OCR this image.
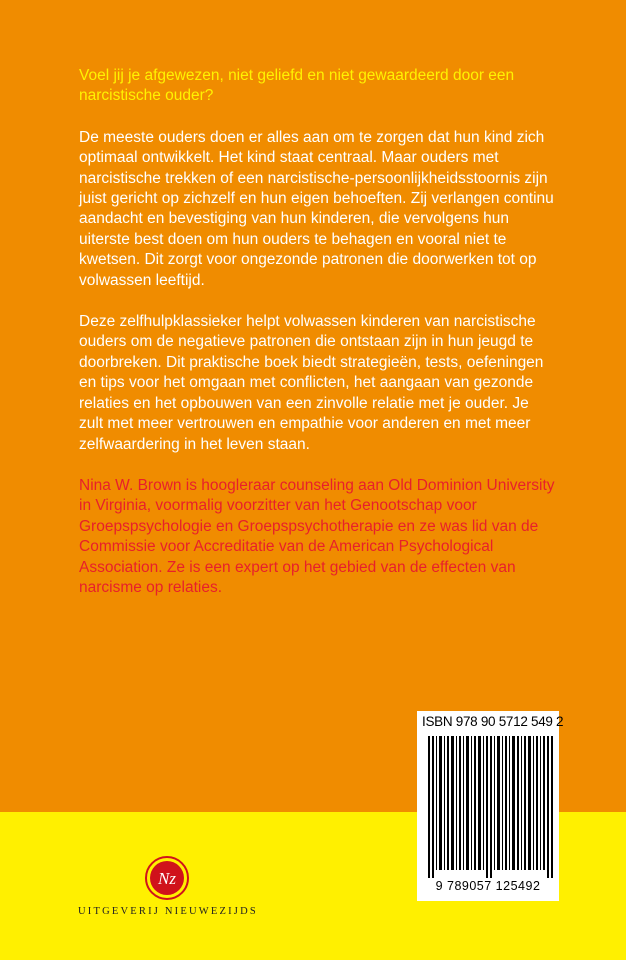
Voel jij je afgewezen, niet geliefd en niet gewaardeerd door een narcistische ouder?

De meeste ouders doen er alles aan om te zorgen dat hun kind zich optimaal ontwikkelt. Het kind staat centraal. Maar ouders met narcistische trekken of een narcistische-persoonlijkheidsstoornis zijn juist gericht op zichzelf en hun eigen behoeften. Zij verlangen continu aandacht en bevestiging van hun kinderen, die vervolgens hun uiterste best doen om hun ouders te behagen en vooral niet te kwetsen. Dit zorgt voor ongezonde patronen die doorwerken tot op volwassen leeftijd.

Deze zelfhulpklassieker helpt volwassen kinderen van narcistische ouders om de negatieve patronen die ontstaan zijn in hun jeugd te doorbreken. Dit praktische boek biedt strategieën, tests, oefeningen en tips voor het omgaan met conflicten, het aangaan van gezonde relaties en het opbouwen van een zinvolle relatie met je ouder. Je zult met meer vertrouwen en empathie voor anderen en met meer zelfwaardering in het leven staan.

Nina W. Brown is hoogleraar counseling aan Old Dominion University in Virginia, voormalig voorzitter van het Genootschap voor Groepspsychologie en Groepspsychotherapie en ze was lid van de Commissie voor Accreditatie van de American Psychological Association. Ze is een expert op het gebied van de effecten van narcisme op relaties.

ISBN 978 90 5712 549 2
9 789057 125492
Nz
UITGEVERIJ NIEUWEZIJDS
